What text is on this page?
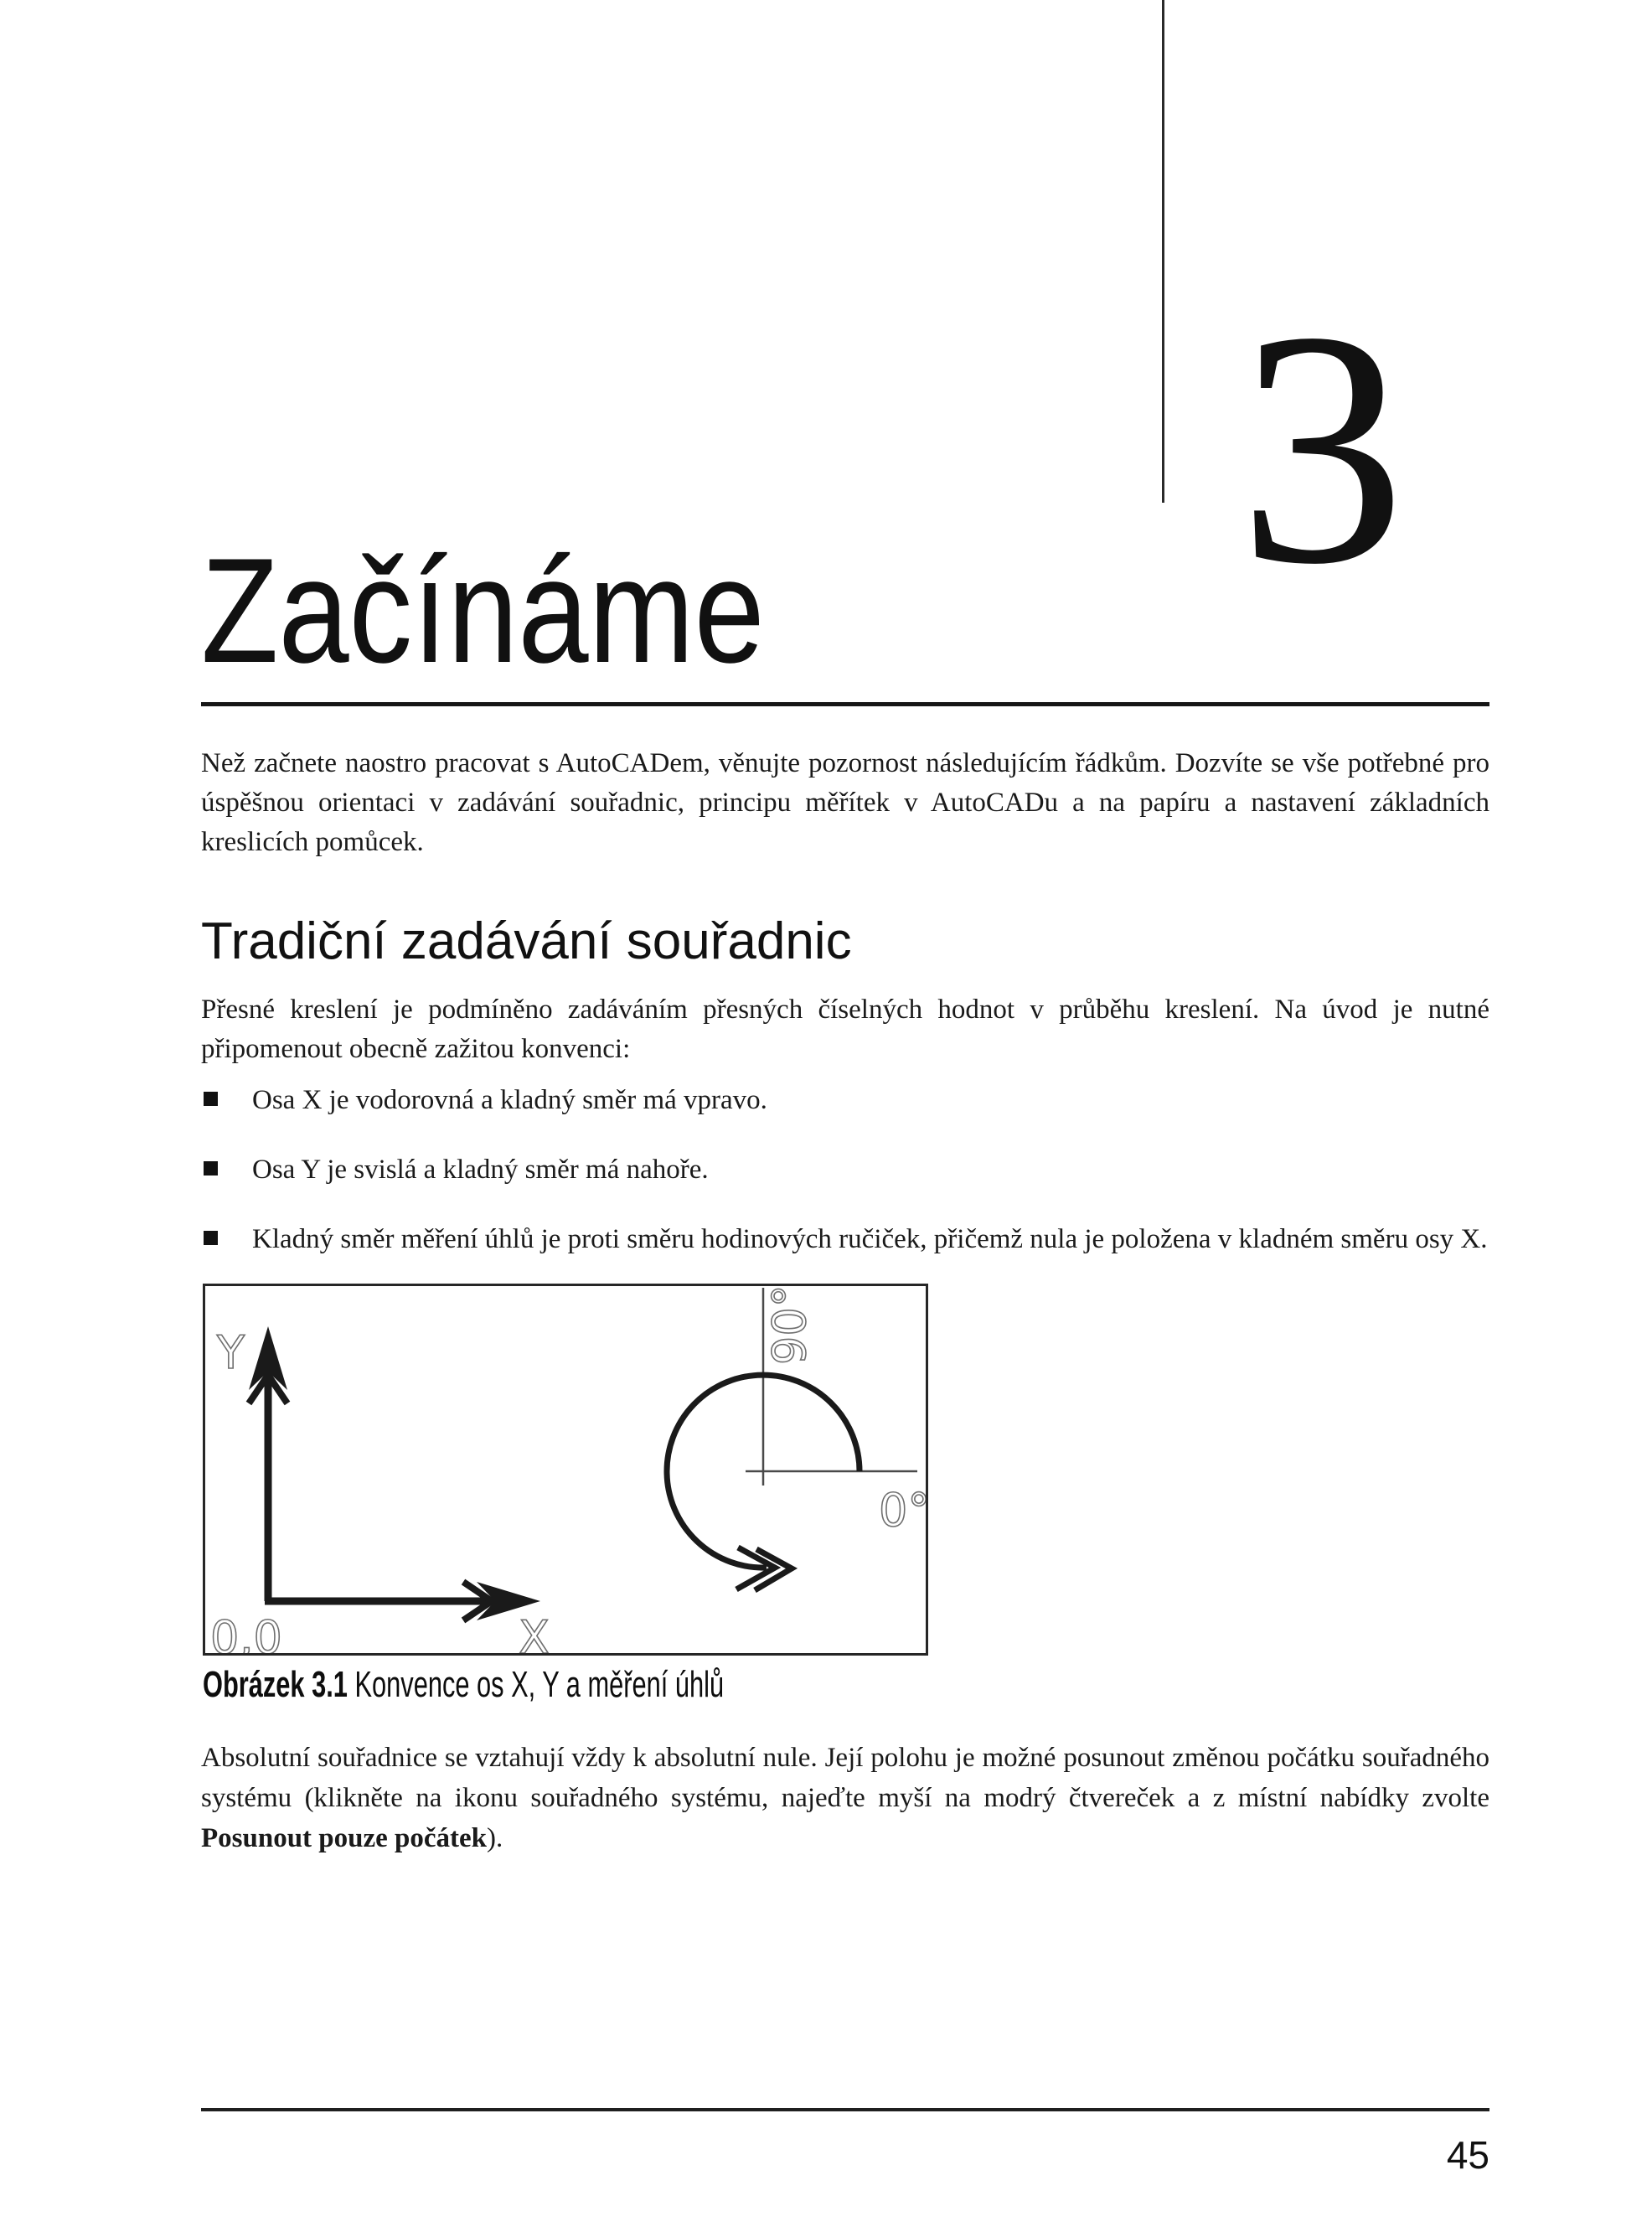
3
Začínáme

Než začnete naostro pracovat s AutoCADem, věnujte pozornost následujícím řádkům. Dozvíte se vše potřebné pro úspěšnou orientaci v zadávání souřadnic, principu měřítek v AutoCADu a na papíru a nastavení základních kreslicích pomůcek.

Tradiční zadávání souřadnic

Přesné kreslení je podmíněno zadáváním přesných číselných hodnot v průběhu kreslení. Na úvod je nutné připomenout obecně zažitou konvenci:

Osa X je vodorovná a kladný směr má vpravo.
Osa Y je svislá a kladný směr má nahoře.
Kladný směr měření úhlů je proti směru hodinových ručiček, přičemž nula je položena v kladném směru osy X.
Y
X
0,0
90°
0°
Obrázek 3.1 Konvence os X, Y a měření úhlů

Absolutní souřadnice se vztahují vždy k absolutní nule. Její polohu je možné posunout změnou počátku souřadného systému (klikněte na ikonu souřadného systému, najeďte myší na modrý čtvereček a z místní nabídky zvolte Posunout pouze počátek).

45
